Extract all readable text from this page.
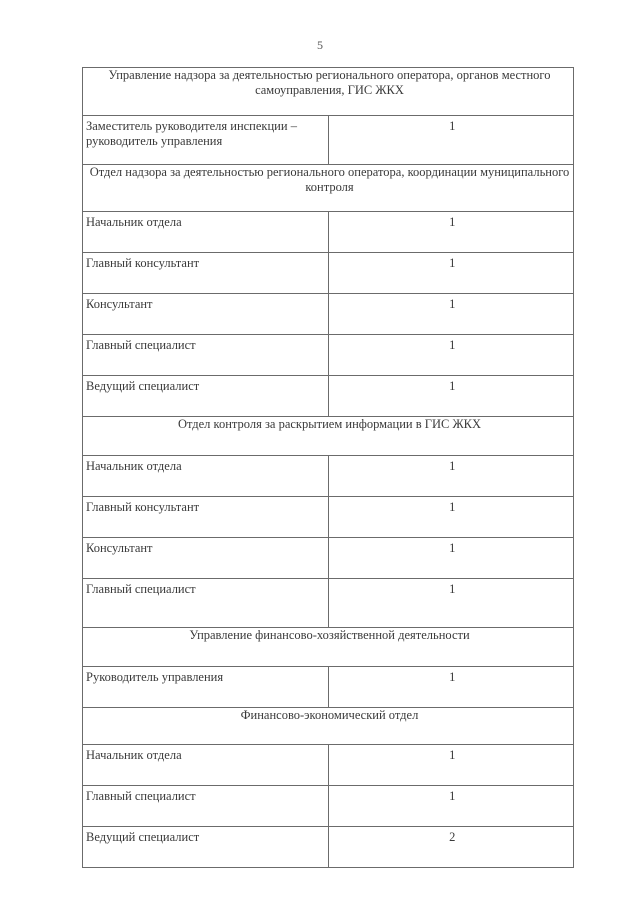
5
Управление надзора за деятельностью регионального оператора, органов местного самоуправления, ГИС ЖКХ	
Заместитель руководителя инспекции – руководитель управления	1
Отдел надзора за деятельностью регионального оператора, координации муниципального контроля	
Начальник отдела	1
Главный консультант	1
Консультант	1
Главный специалист	1
Ведущий специалист	1
Отдел контроля за раскрытием информации в ГИС ЖКХ	
Начальник отдела	1
Главный консультант	1
Консультант	1
Главный специалист	1
Управление финансово-хозяйственной деятельности	
Руководитель управления	1
Финансово-экономический отдел	
Начальник отдела	1
Главный специалист	1
Ведущий специалист	2
